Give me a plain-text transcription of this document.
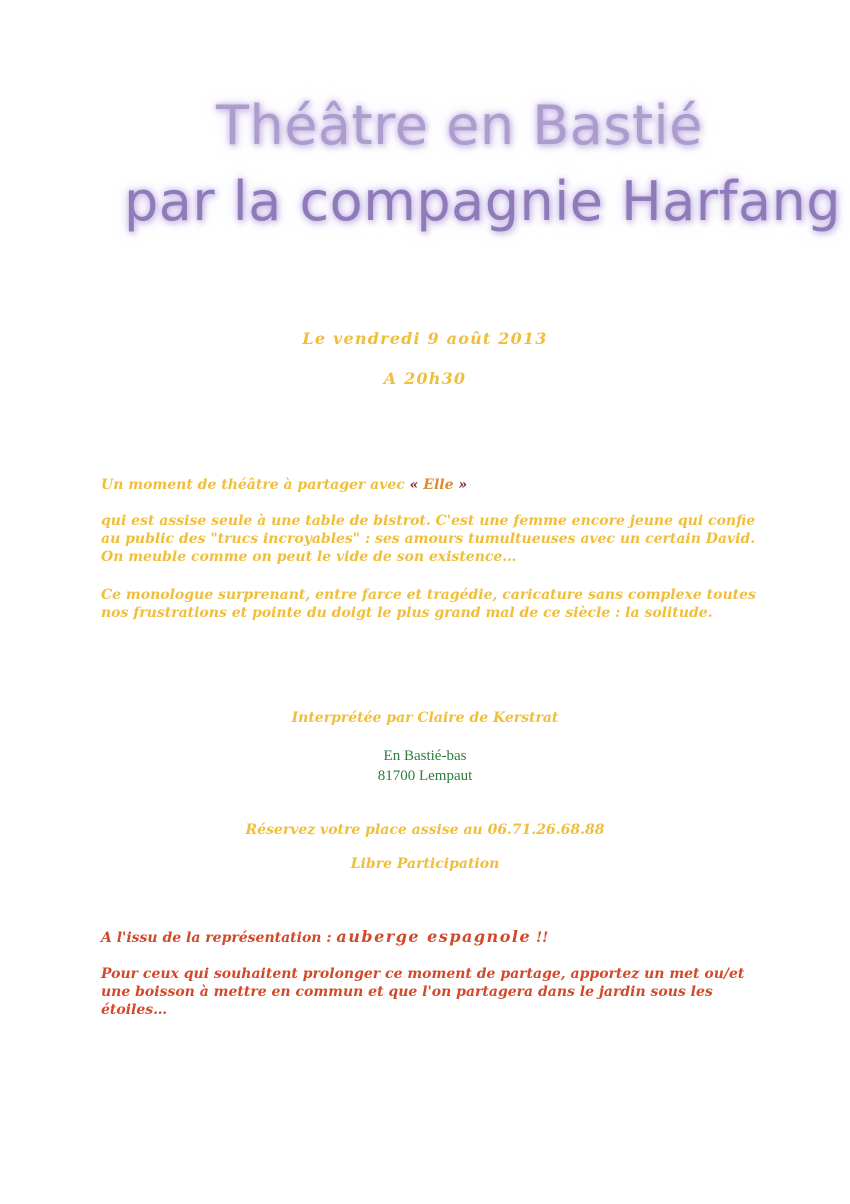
Théâtre en Bastié
par la compagnie Harfang
Le vendredi 9 août 2013
A 20h30

Un moment de théâtre à partager avec « Elle »

qui est assise seule à une table de bistrot. C'est une femme encore jeune qui confie au public des "trucs incroyables" : ses amours tumultueuses avec un certain David. On meuble comme on peut le vide de son existence…

Ce monologue surprenant, entre farce et tragédie, caricature sans complexe toutes nos frustrations et pointe du doigt le plus grand mal de ce siècle : la solitude.

Interprétée par Claire de Kerstrat
En Bastié-bas
81700 Lempaut
Réservez votre place assise au 06.71.26.68.88
Libre Participation

A l'issu de la représentation : auberge espagnole !!

Pour ceux qui souhaitent prolonger ce moment de partage, apportez un met ou/et une boisson à mettre en commun et que l'on partagera dans le jardin sous les étoiles…
